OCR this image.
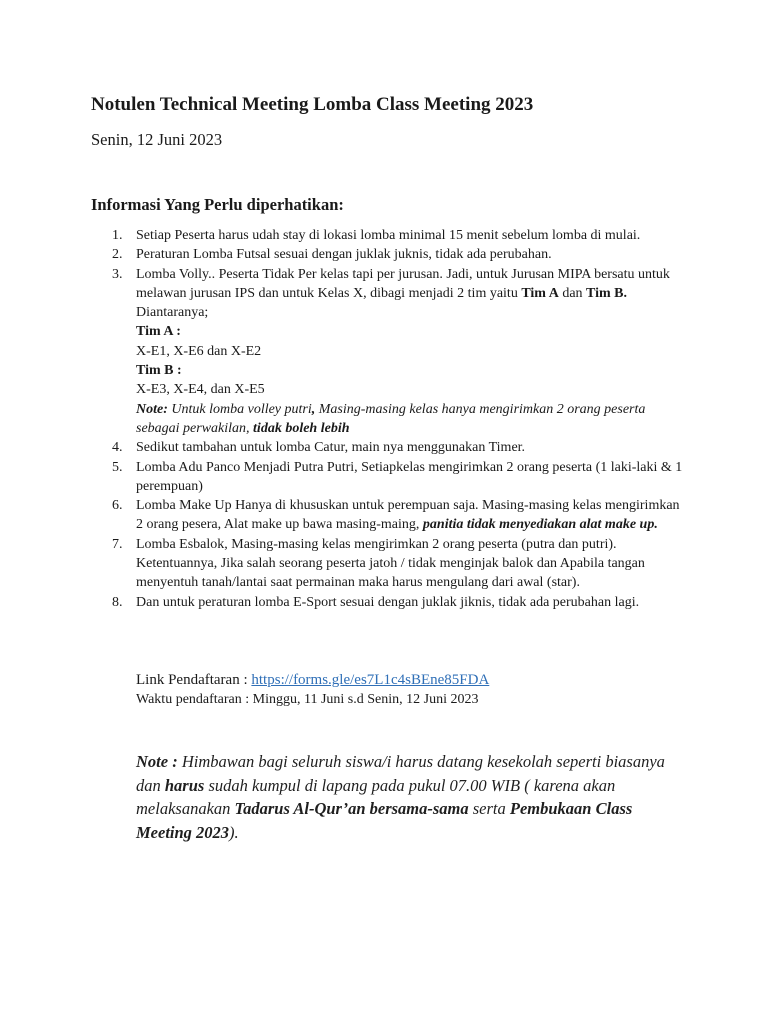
Notulen Technical Meeting Lomba Class Meeting 2023

Senin, 12 Juni 2023

Informasi Yang Perlu diperhatikan:
1. Setiap Peserta harus udah stay di lokasi lomba minimal 15 menit sebelum lomba di mulai.
2. Peraturan Lomba Futsal sesuai dengan juklak juknis, tidak ada perubahan.
3. Lomba Volly.. Peserta Tidak Per kelas tapi per jurusan. Jadi, untuk Jurusan MIPA bersatu untuk melawan jurusan IPS dan untuk Kelas X, dibagi menjadi 2 tim yaitu Tim A dan Tim B. Diantaranya;
Tim A :
X-E1, X-E6 dan X-E2
Tim B :
X-E3, X-E4, dan X-E5
Note: Untuk lomba volley putri, Masing-masing kelas hanya mengirimkan 2 orang peserta sebagai perwakilan, tidak boleh lebih
4. Sedikut tambahan untuk lomba Catur, main nya menggunakan Timer.
5. Lomba Adu Panco Menjadi Putra Putri, Setiapkelas mengirimkan 2 orang peserta (1 laki-laki & 1 perempuan)
6. Lomba Make Up Hanya di khususkan untuk perempuan saja. Masing-masing kelas mengirimkan 2 orang pesera, Alat make up bawa masing-maing, panitia tidak menyediakan alat make up.
7. Lomba Esbalok, Masing-masing kelas mengirimkan 2 orang peserta (putra dan putri). Ketentuannya, Jika salah seorang peserta jatoh / tidak menginjak balok dan Apabila tangan menyentuh tanah/lantai saat permainan maka harus mengulang dari awal (star).
8. Dan untuk peraturan lomba E-Sport sesuai dengan juklak jiknis, tidak ada perubahan lagi.
Link Pendaftaran : https://forms.gle/es7L1c4sBEne85FDA
Waktu pendaftaran : Minggu, 11 Juni s.d Senin, 12 Juni 2023

Note : Himbawan bagi seluruh siswa/i harus datang kesekolah seperti biasanya dan harus sudah kumpul di lapang pada pukul 07.00 WIB ( karena akan melaksanakan Tadarus Al-Qur’an bersama-sama serta Pembukaan Class Meeting 2023).
